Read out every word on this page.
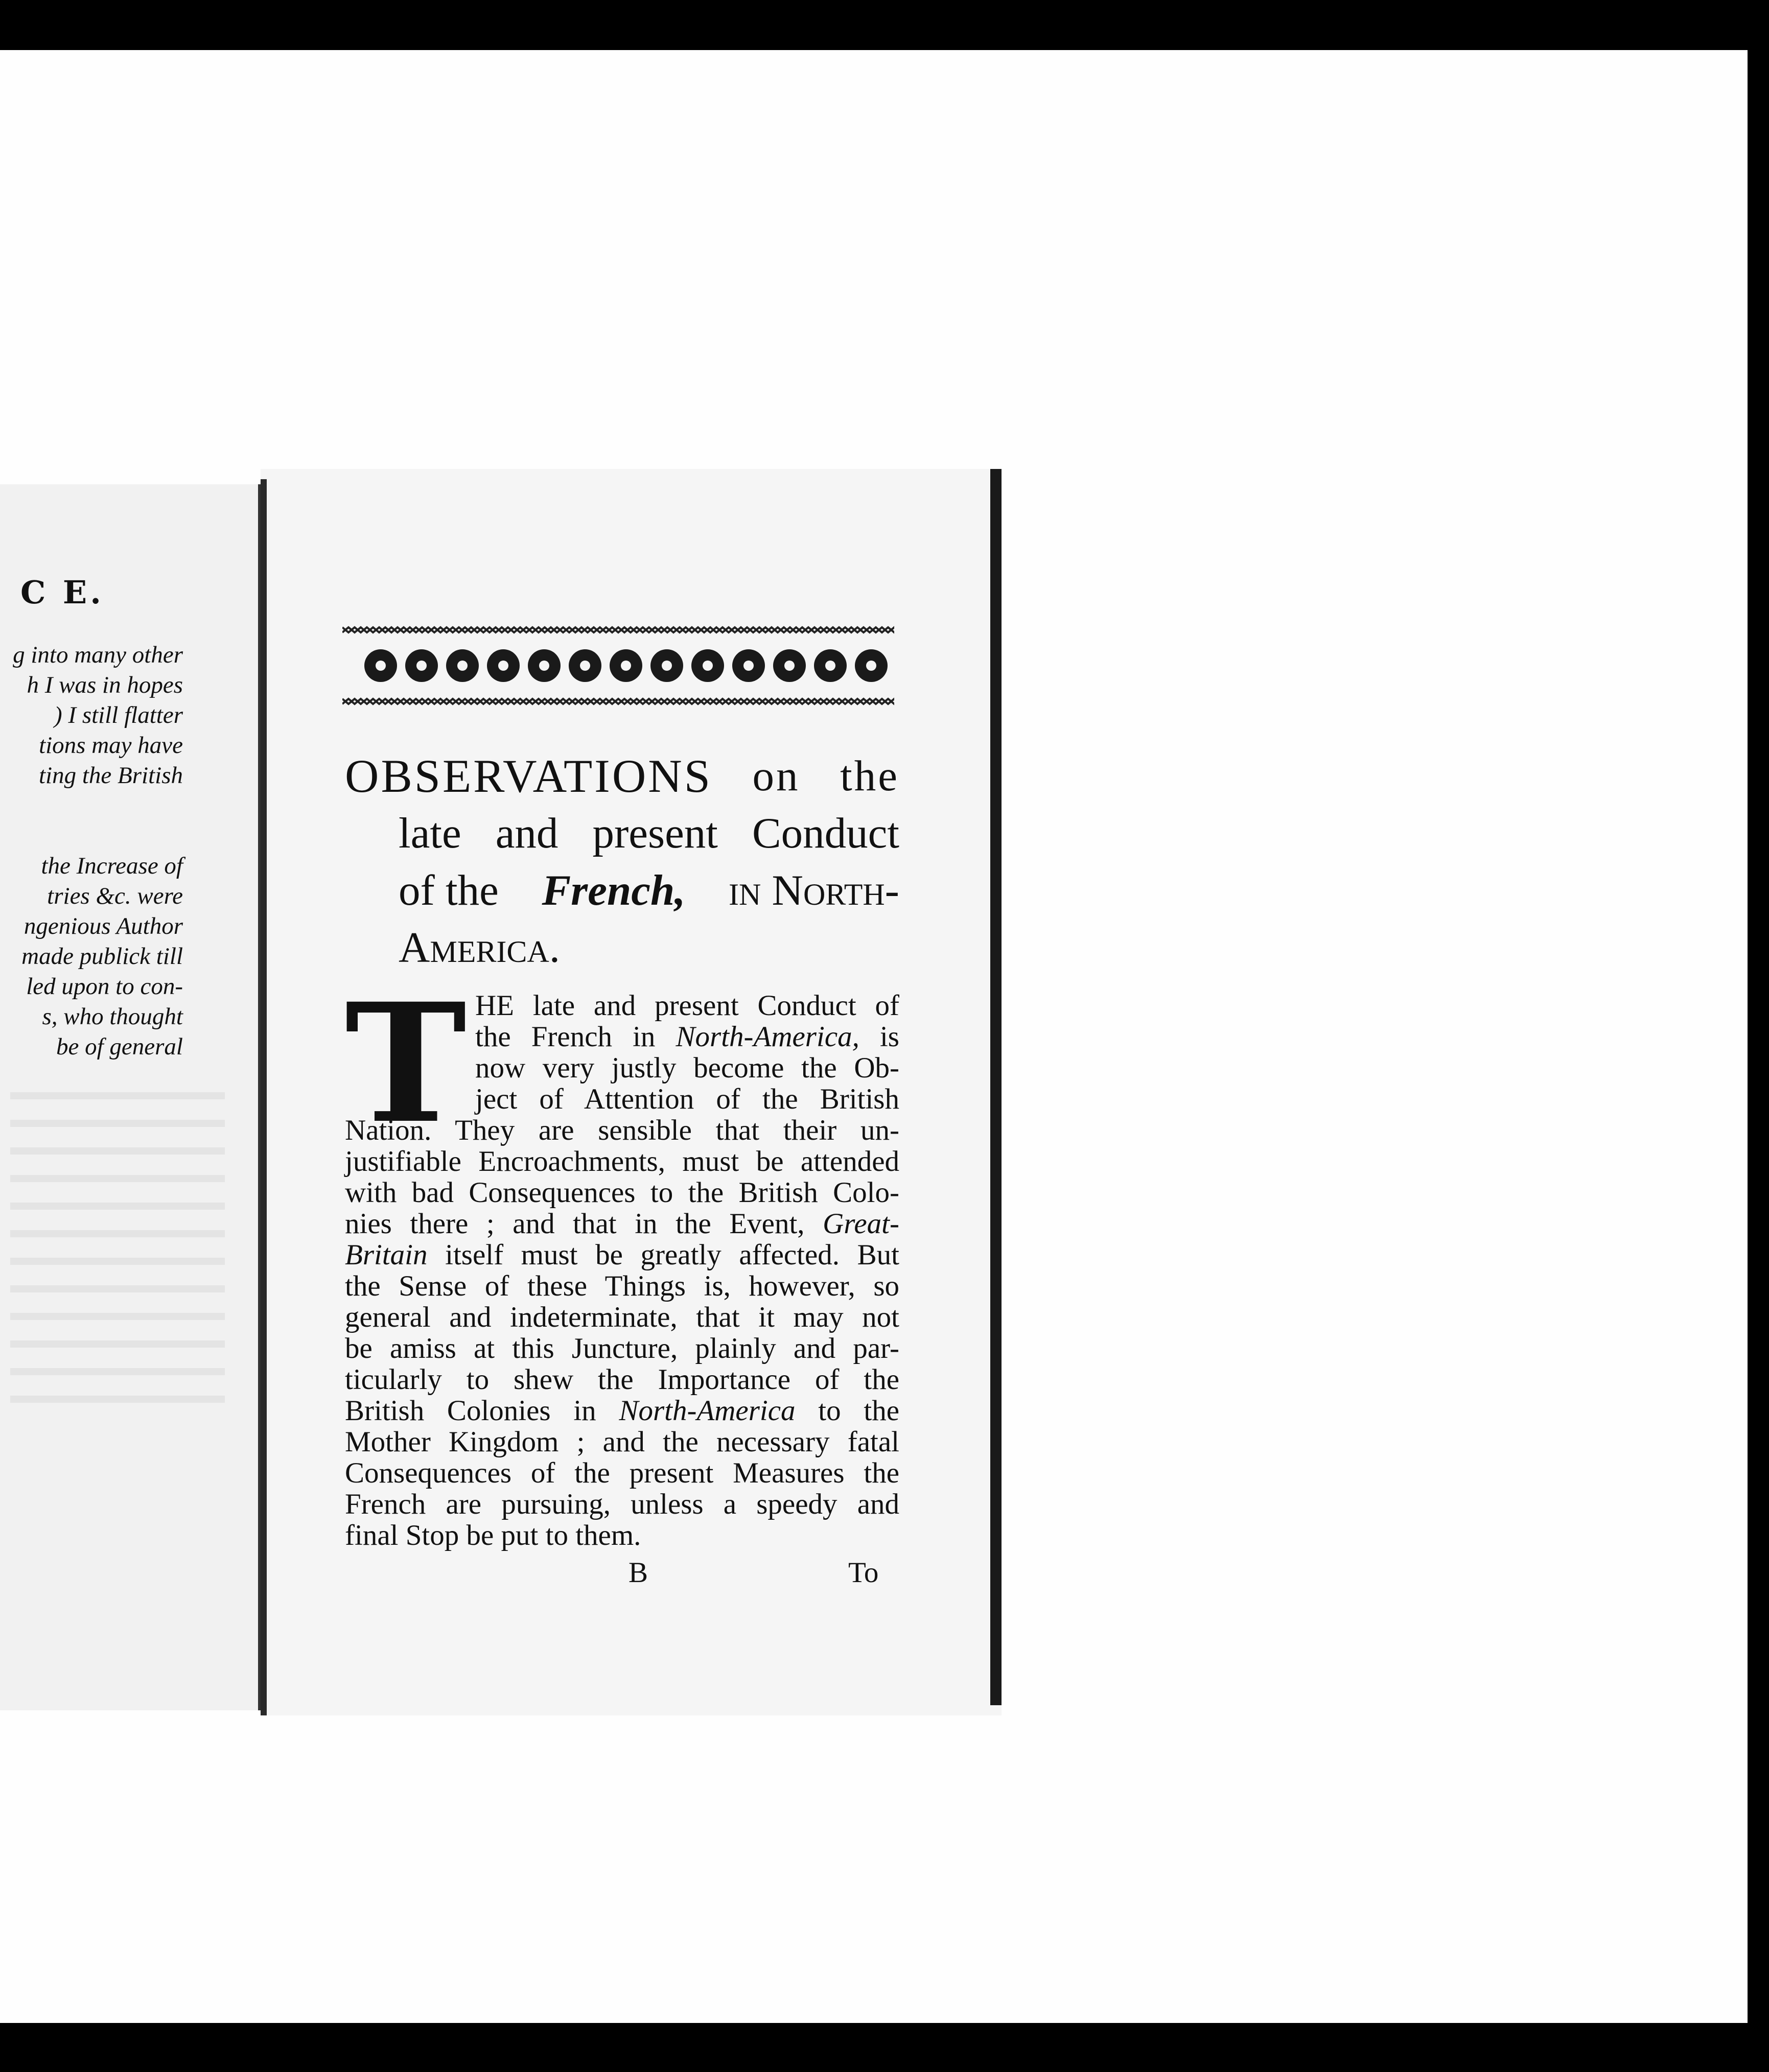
C E.
g into many other
h I was in hopes
) I still flatter
tions may have
ting the British
the Increase of
tries &c. were
ngenious Author
made publick till
led upon to con-
s, who thought
be of general
OBSERVATIONS on the
late and present Conduct
of the French, in North-
America.
T HE late and present Conduct of
the French in North-America, is
now very justly become the Ob-
ject of Attention of the British
Nation. They are sensible that their un-
justifiable Encroachments, must be attended
with bad Consequences to the British Colo-
nies there ; and that in the Event, Great-
Britain itself must be greatly affected. But
the Sense of these Things is, however, so
general and indeterminate, that it may not
be amiss at this Juncture, plainly and par-
ticularly to shew the Importance of the
British Colonies in North-America to the
Mother Kingdom ; and the necessary fatal
Consequences of the present Measures the
French are pursuing, unless a speedy and
final Stop be put to them.
B	To
